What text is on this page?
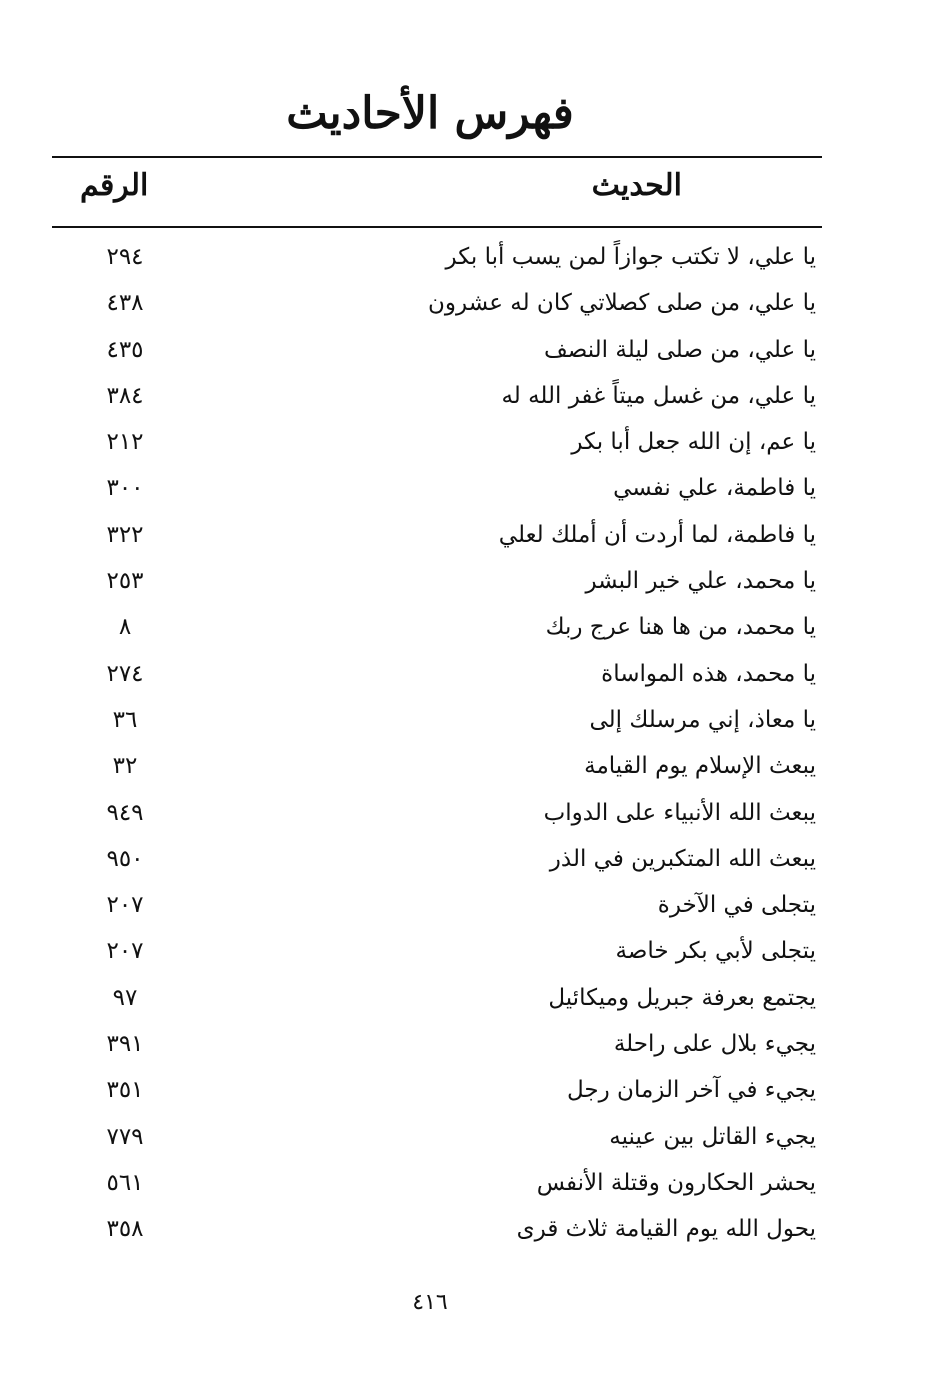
فهرس الأحاديث
الحديث
الرقم
يا علي، لا تكتب جوازاً لمن يسب أبا بكر
٢٩٤
يا علي، من صلى كصلاتي كان له عشرون
٤٣٨
يا علي، من صلى ليلة النصف
٤٣٥
يا علي، من غسل ميتاً غفر الله له
٣٨٤
يا عم، إن الله جعل أبا بكر
٢١٢
يا فاطمة، علي نفسي
٣٠٠
يا فاطمة، لما أردت أن أملك لعلي
٣٢٢
يا محمد، علي خير البشر
٢٥٣
يا محمد، من ها هنا عرج ربك
٨
يا محمد، هذه المواساة
٢٧٤
يا معاذ، إني مرسلك إلى
٣٦
يبعث الإسلام يوم القيامة
٣٢
يبعث الله الأنبياء على الدواب
٩٤٩
يبعث الله المتكبرين في الذر
٩٥٠
يتجلى في الآخرة
٢٠٧
يتجلى لأبي بكر خاصة
٢٠٧
يجتمع بعرفة جبريل وميكائيل
٩٧
يجيء بلال على راحلة
٣٩١
يجيء في آخر الزمان رجل
٣٥١
يجيء القاتل بين عينيه
٧٧٩
يحشر الحكارون وقتلة الأنفس
٥٦١
يحول الله يوم القيامة ثلاث قرى
٣٥٨
٤١٦
